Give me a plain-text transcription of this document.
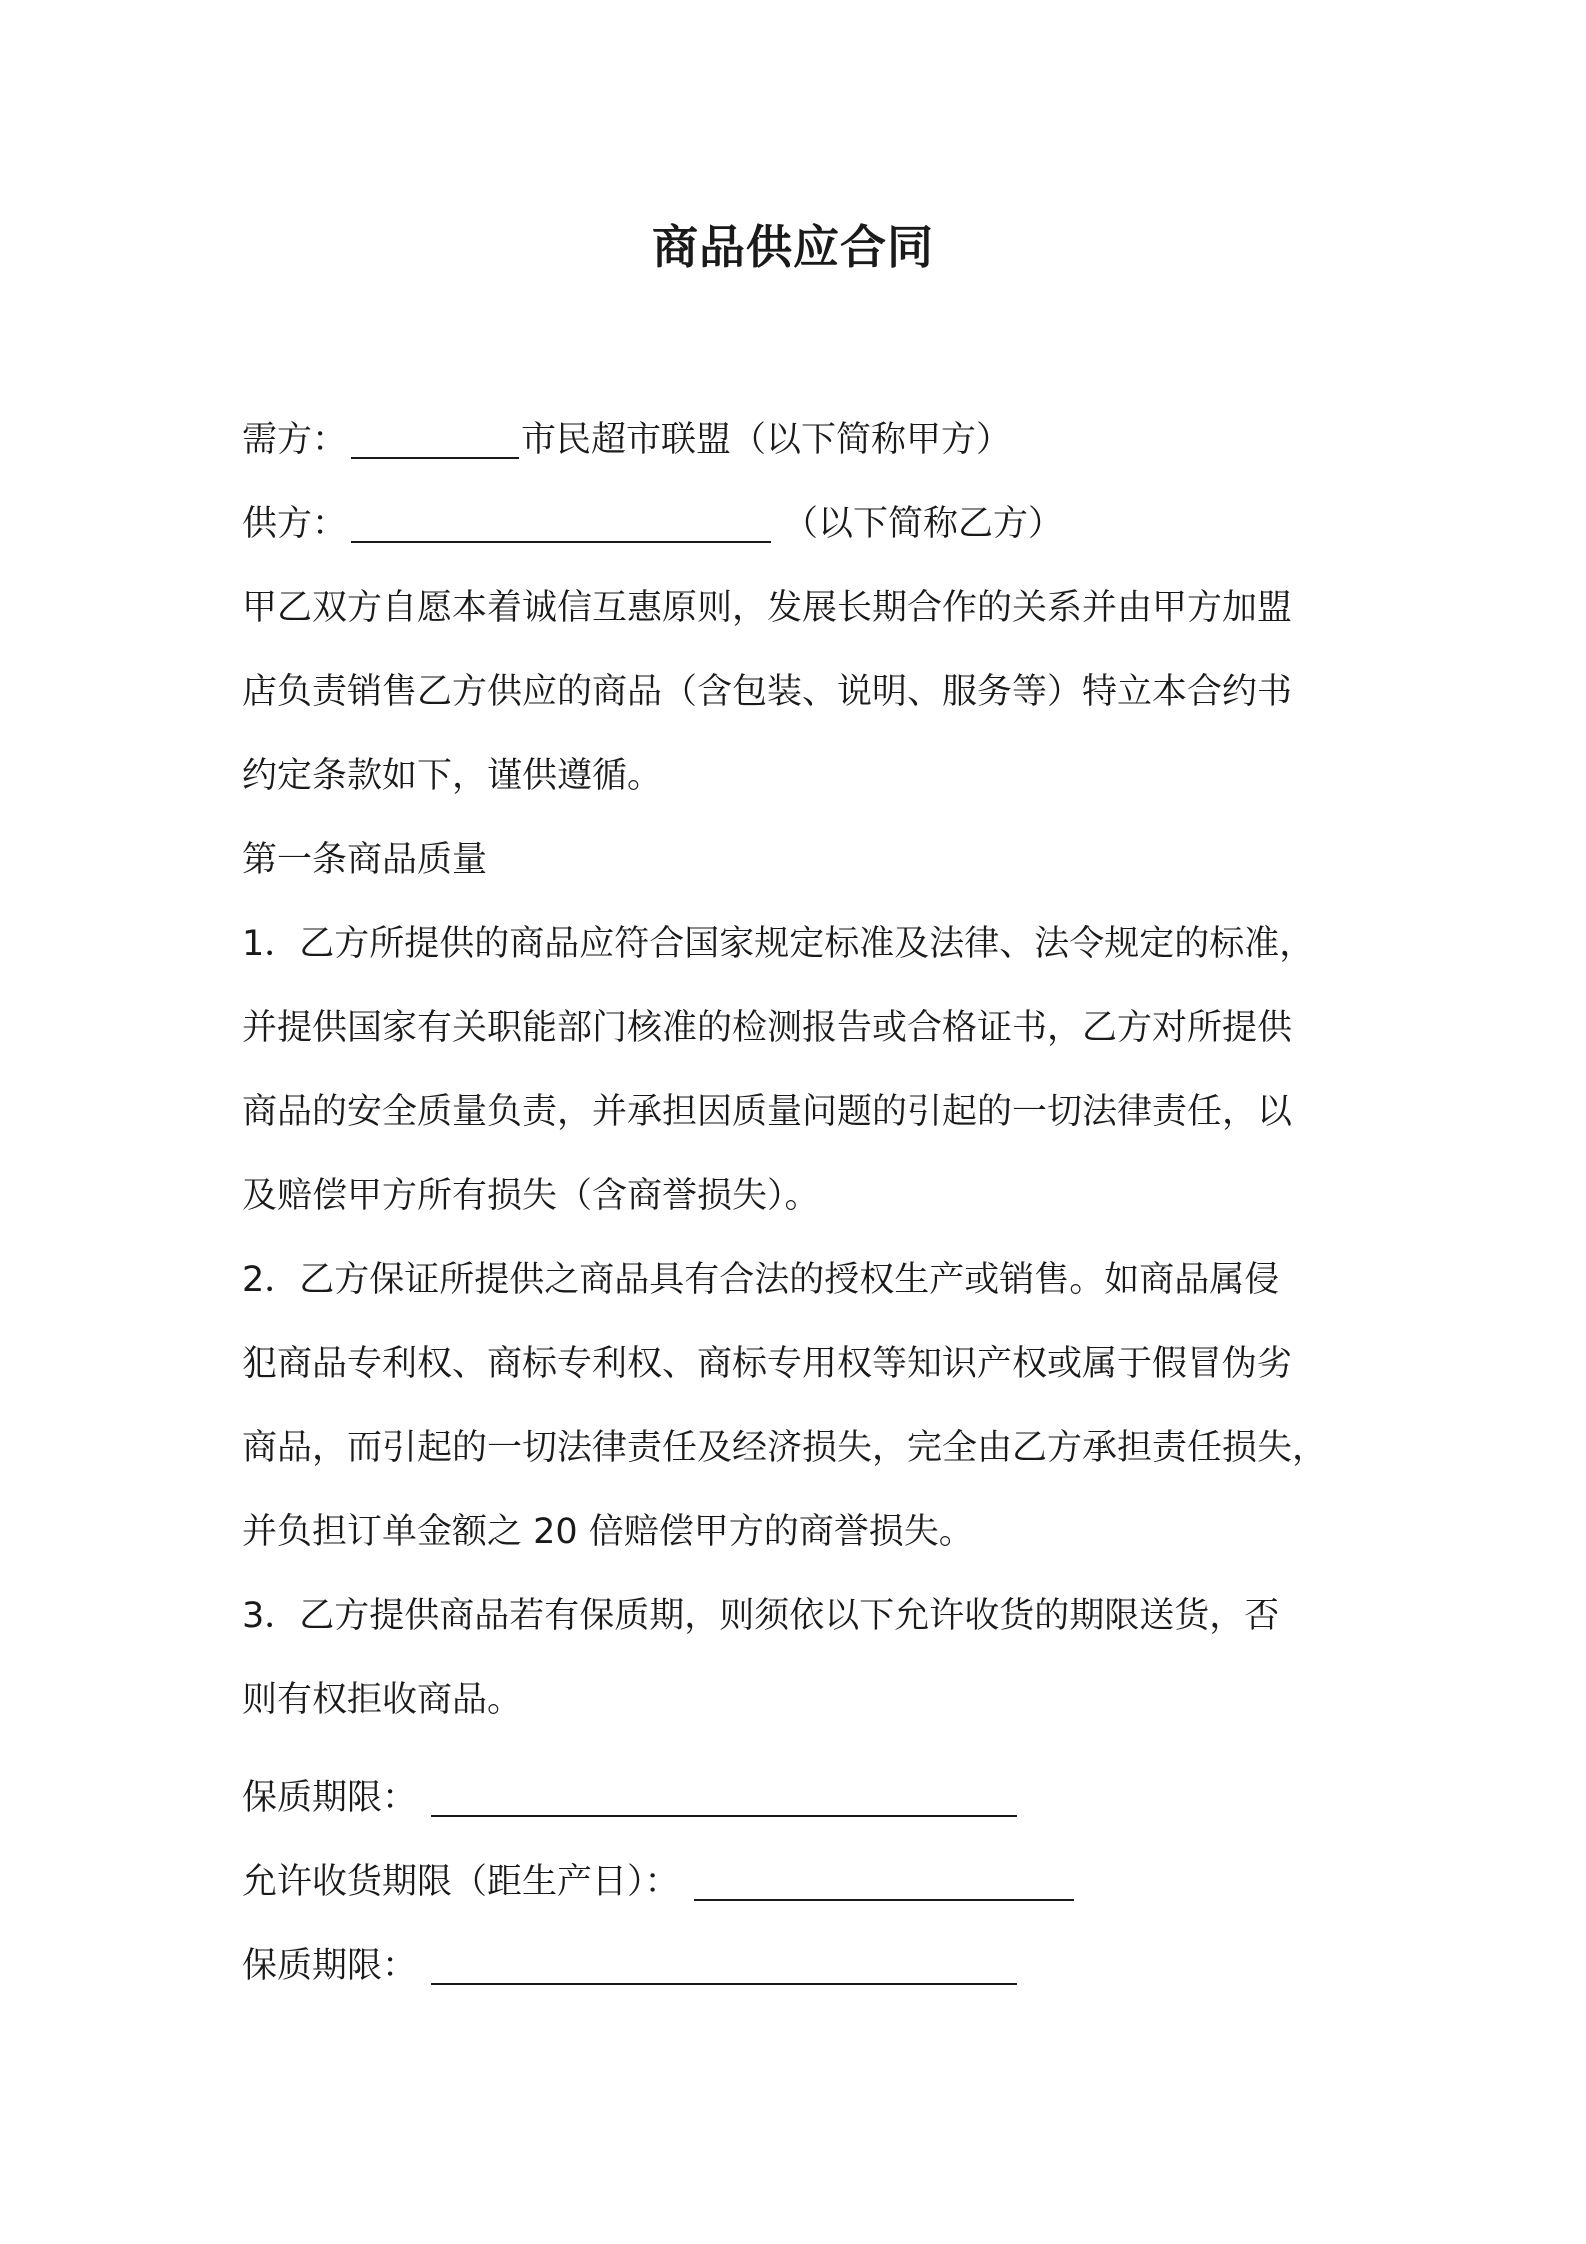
商品供应合同
需方：	市民超市联盟（以下简称甲方）
供方：	（以下简称乙方）
甲乙双方自愿本着诚信互惠原则，发展长期合作的关系并由甲方加盟
店负责销售乙方供应的商品（含包装、说明、服务等）特立本合约书
约定条款如下，谨供遵循。
第一条商品质量
1．乙方所提供的商品应符合国家规定标准及法律、法令规定的标准，
并提供国家有关职能部门核准的检测报告或合格证书，乙方对所提供
商品的安全质量负责，并承担因质量问题的引起的一切法律责任，以
及赔偿甲方所有损失（含商誉损失）。
2．乙方保证所提供之商品具有合法的授权生产或销售。如商品属侵
犯商品专利权、商标专利权、商标专用权等知识产权或属于假冒伪劣
商品，而引起的一切法律责任及经济损失，完全由乙方承担责任损失，
并负担订单金额之 20 倍赔偿甲方的商誉损失。
3．乙方提供商品若有保质期，则须依以下允许收货的期限送货，否
则有权拒收商品。
保质期限：
允许收货期限（距生产日）：
保质期限：
